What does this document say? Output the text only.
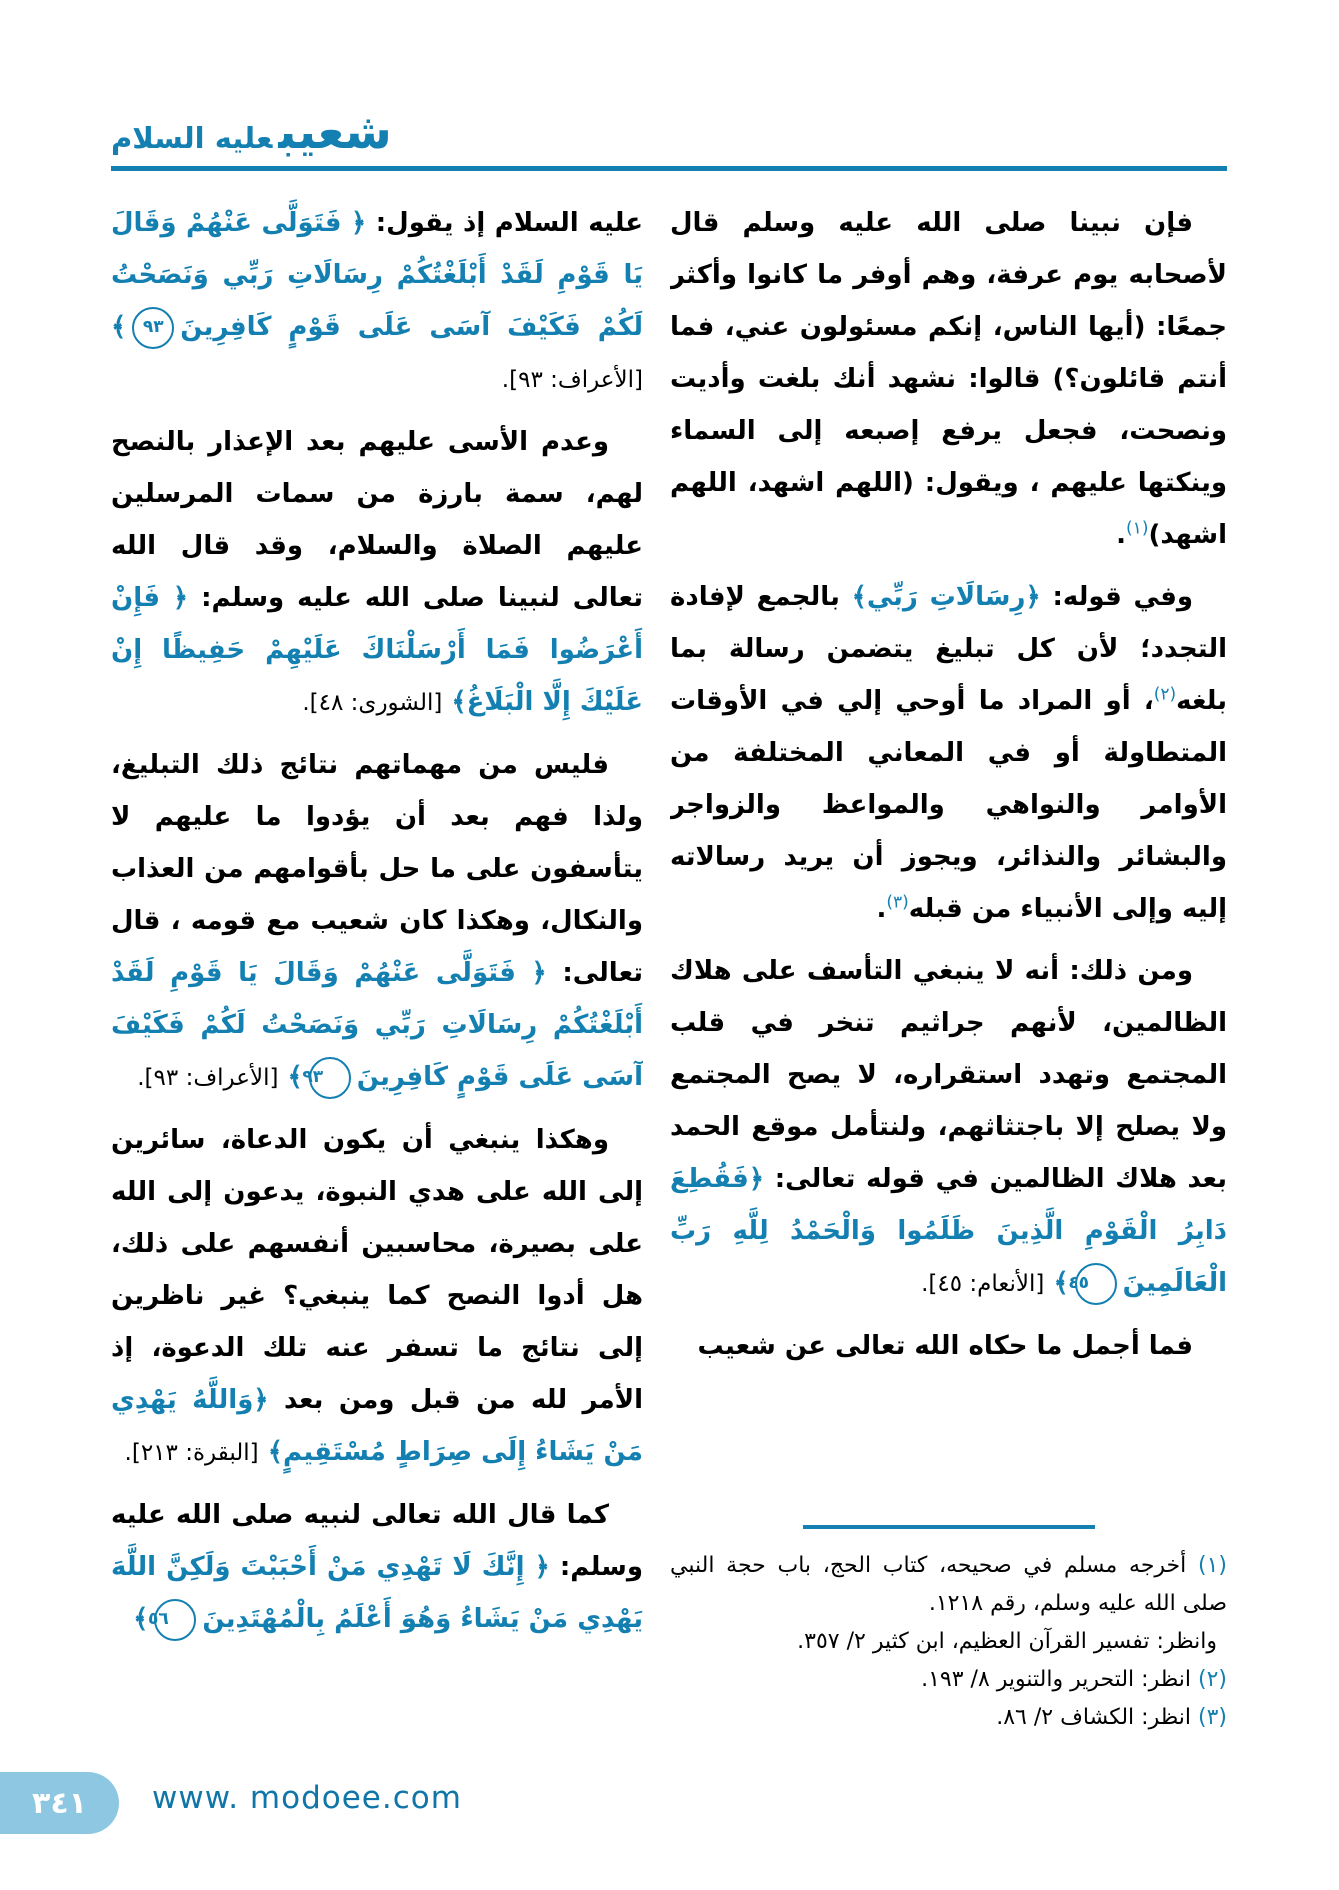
شعيبعليه السلام

فإن نبينا صلى الله عليه وسلم قال لأصحابه يوم عرفة، وهم أوفر ما كانوا وأكثر جمعًا: (أيها الناس، إنكم مسئولون عني، فما أنتم قائلون؟) قالوا: نشهد أنك بلغت وأديت ونصحت، فجعل يرفع إصبعه إلى السماء وينكتها عليهم ، ويقول: (اللهم اشهد، اللهم اشهد)$^{(١)}$.

وفي قوله: ﴿رِسَالَاتِ رَبِّي﴾ بالجمع لإفادة التجدد؛ لأن كل تبليغ يتضمن رسالة بما بلغه$^{(٢)}$، أو المراد ما أوحي إلي في الأوقات المتطاولة أو في المعاني المختلفة من الأوامر والنواهي والمواعظ والزواجر والبشائر والنذائر، ويجوز أن يريد رسالاته إليه وإلى الأنبياء من قبله$^{(٣)}$.

ومن ذلك: أنه لا ينبغي التأسف على هلاك الظالمين، لأنهم جراثيم تنخر في قلب المجتمع وتهدد استقراره، لا يصح المجتمع ولا يصلح إلا باجتثاثهم، ولنتأمل موقع الحمد بعد هلاك الظالمين في قوله تعالى: ﴿فَقُطِعَ دَابِرُ الْقَوْمِ الَّذِينَ ظَلَمُوا وَالْحَمْدُ لِلَّهِ رَبِّ الْعَالَمِينَ٤٥﴾ [الأنعام: ٤٥].

فما أجمل ما حكاه الله تعالى عن شعيب

(١) أخرجه مسلم في صحيحه، كتاب الحج، باب حجة النبي صلى الله عليه وسلم، رقم ١٢١٨.
وانظر: تفسير القرآن العظيم، ابن كثير ٢/ ٣٥٧.
(٢) انظر: التحرير والتنوير ٨/ ١٩٣.
(٣) انظر: الكشاف ٢/ ٨٦.

عليه السلام إذ يقول: ﴿ فَتَوَلَّى عَنْهُمْ وَقَالَ يَا قَوْمِ لَقَدْ أَبْلَغْتُكُمْ رِسَالَاتِ رَبِّي وَنَصَحْتُ لَكُمْ فَكَيْفَ آسَى عَلَى قَوْمٍ كَافِرِينَ٩٣﴾ [الأعراف: ٩٣].

وعدم الأسى عليهم بعد الإعذار بالنصح لهم، سمة بارزة من سمات المرسلين عليهم الصلاة والسلام، وقد قال الله تعالى لنبينا صلى الله عليه وسلم: ﴿ فَإِنْ أَعْرَضُوا فَمَا أَرْسَلْنَاكَ عَلَيْهِمْ حَفِيظًا إِنْ عَلَيْكَ إِلَّا الْبَلَاغُ﴾ [الشورى: ٤٨].

فليس من مهماتهم نتائج ذلك التبليغ، ولذا فهم بعد أن يؤدوا ما عليهم لا يتأسفون على ما حل بأقوامهم من العذاب والنكال، وهكذا كان شعيب مع قومه ، قال تعالى: ﴿ فَتَوَلَّى عَنْهُمْ وَقَالَ يَا قَوْمِ لَقَدْ أَبْلَغْتُكُمْ رِسَالَاتِ رَبِّي وَنَصَحْتُ لَكُمْ فَكَيْفَ آسَى عَلَى قَوْمٍ كَافِرِينَ٩٣﴾ [الأعراف: ٩٣].

وهكذا ينبغي أن يكون الدعاة، سائرين إلى الله على هدي النبوة، يدعون إلى الله على بصيرة، محاسبين أنفسهم على ذلك، هل أدوا النصح كما ينبغي؟ غير ناظرين إلى نتائج ما تسفر عنه تلك الدعوة، إذ الأمر لله من قبل ومن بعد ﴿وَاللَّهُ يَهْدِي مَنْ يَشَاءُ إِلَى صِرَاطٍ مُسْتَقِيمٍ﴾ [البقرة: ٢١٣].

كما قال الله تعالى لنبيه صلى الله عليه وسلم: ﴿ إِنَّكَ لَا تَهْدِي مَنْ أَحْبَبْتَ وَلَكِنَّ اللَّهَ يَهْدِي مَنْ يَشَاءُ وَهُوَ أَعْلَمُ بِالْمُهْتَدِينَ٥٦﴾

٣٤١ www. modoee.com
